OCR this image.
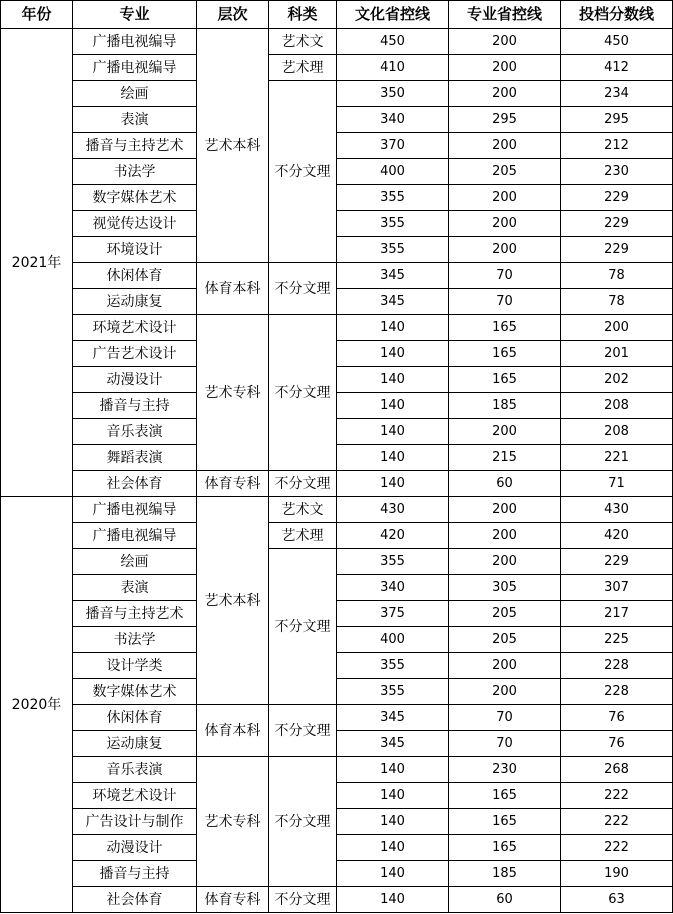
年份	专业	层次	科类	文化省控线	专业省控线	投档分数线
2021年	广播电视编导	艺术本科	艺术文	450	200	450
	广播电视编导		艺术理	410	200	412
	绘画		不分文理	350	200	234
	表演			340	295	295
	播音与主持艺术			370	200	212
	书法学			400	205	230
	数字媒体艺术			355	200	229
	视觉传达设计			355	200	229
	环境设计			355	200	229
	休闲体育	体育本科	不分文理	345	70	78
	运动康复			345	70	78
	环境艺术设计	艺术专科	不分文理	140	165	200
	广告艺术设计			140	165	201
	动漫设计			140	165	202
	播音与主持			140	185	208
	音乐表演			140	200	208
	舞蹈表演			140	215	221
	社会体育	体育专科	不分文理	140	60	71
2020年	广播电视编导	艺术本科	艺术文	430	200	430
	广播电视编导		艺术理	420	200	420
	绘画		不分文理	355	200	229
	表演			340	305	307
	播音与主持艺术			375	205	217
	书法学			400	205	225
	设计学类			355	200	228
	数字媒体艺术			355	200	228
	休闲体育	体育本科	不分文理	345	70	76
	运动康复			345	70	76
	音乐表演	艺术专科	不分文理	140	230	268
	环境艺术设计			140	165	222
	广告设计与制作			140	165	222
	动漫设计			140	165	222
	播音与主持			140	185	190
	社会体育	体育专科	不分文理	140	60	63
